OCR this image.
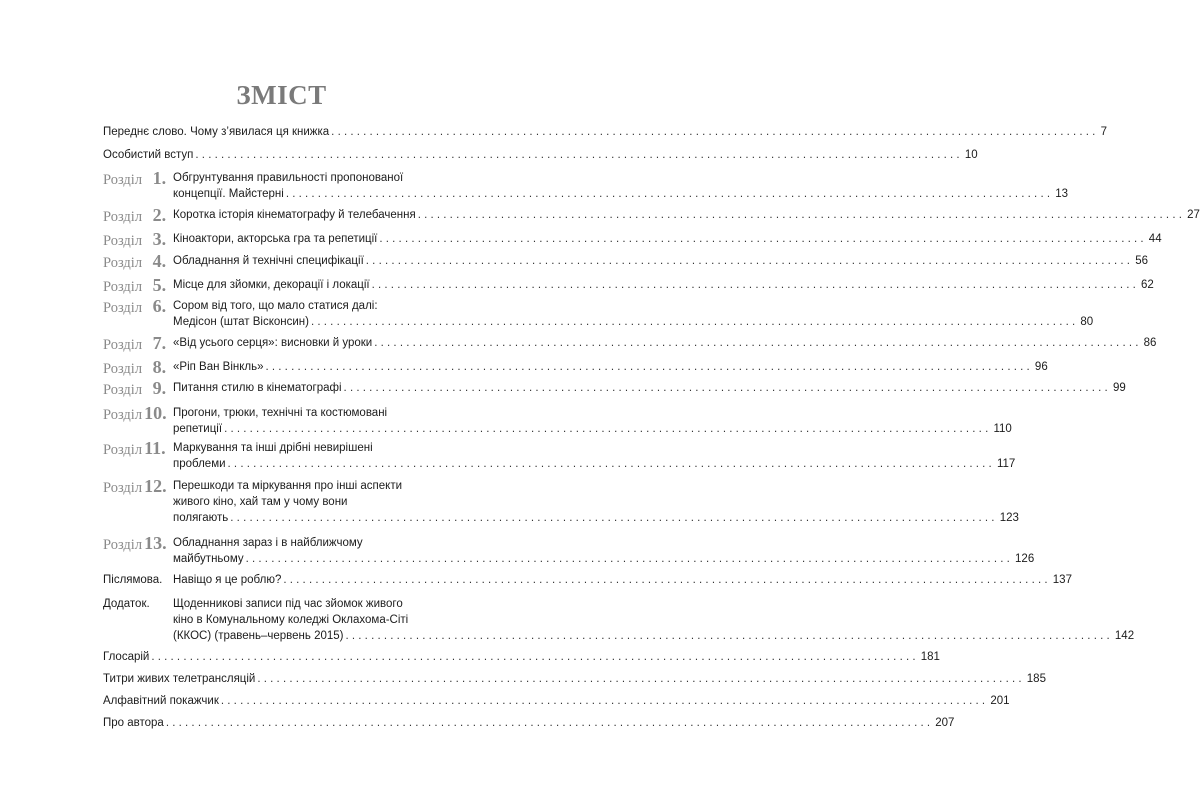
ЗМІСТ
Переднє слово. Чому з’явилася ця книжка ........................................................................................................................ 7
Особистий вступ ........................................................................................................................ 10
Розділ 1. Обгрунтування правильності пропонованої
концепції. Майстерні ........................................................................................................................ 13
Розділ 2. Коротка історія кінематографу й телебачення ........................................................................................................................ 27
Розділ 3. Кіноактори, акторська гра та репетиції ........................................................................................................................ 44
Розділ 4. Обладнання й технічні специфікації ........................................................................................................................ 56
Розділ 5. Місце для зйомки, декорації і локації ........................................................................................................................ 62
Розділ 6. Сором від того, що мало статися далі:
Медісон (штат Вісконсин) ........................................................................................................................ 80
Розділ 7. «Від усього серця»: висновки й уроки ........................................................................................................................ 86
Розділ 8. «Ріп Ван Вінкль» ........................................................................................................................ 96
Розділ 9. Питання стилю в кінематографі ........................................................................................................................ 99
Розділ 10. Прогони, трюки, технічні та костюмовані
репетиції ........................................................................................................................ 110
Розділ 11. Маркування та інші дрібні невирішені
проблеми ........................................................................................................................ 117
Розділ 12. Перешкоди та міркування про інші аспекти
живого кіно, хай там у чому вони
полягають ........................................................................................................................ 123
Розділ 13. Обладнання зараз і в найближчому
майбутньому ........................................................................................................................ 126
Післямова. Навіщо я це роблю? ........................................................................................................................ 137
Додаток. Щоденникові записи під час зйомок живого
кіно в Комунальному коледжі Оклахома-Сіті
(ККОС) (травень–червень 2015) ........................................................................................................................ 142
Глосарій ........................................................................................................................ 181
Титри живих телетрансляцій ........................................................................................................................ 185
Алфавітний покажчик ........................................................................................................................ 201
Про автора ........................................................................................................................ 207
